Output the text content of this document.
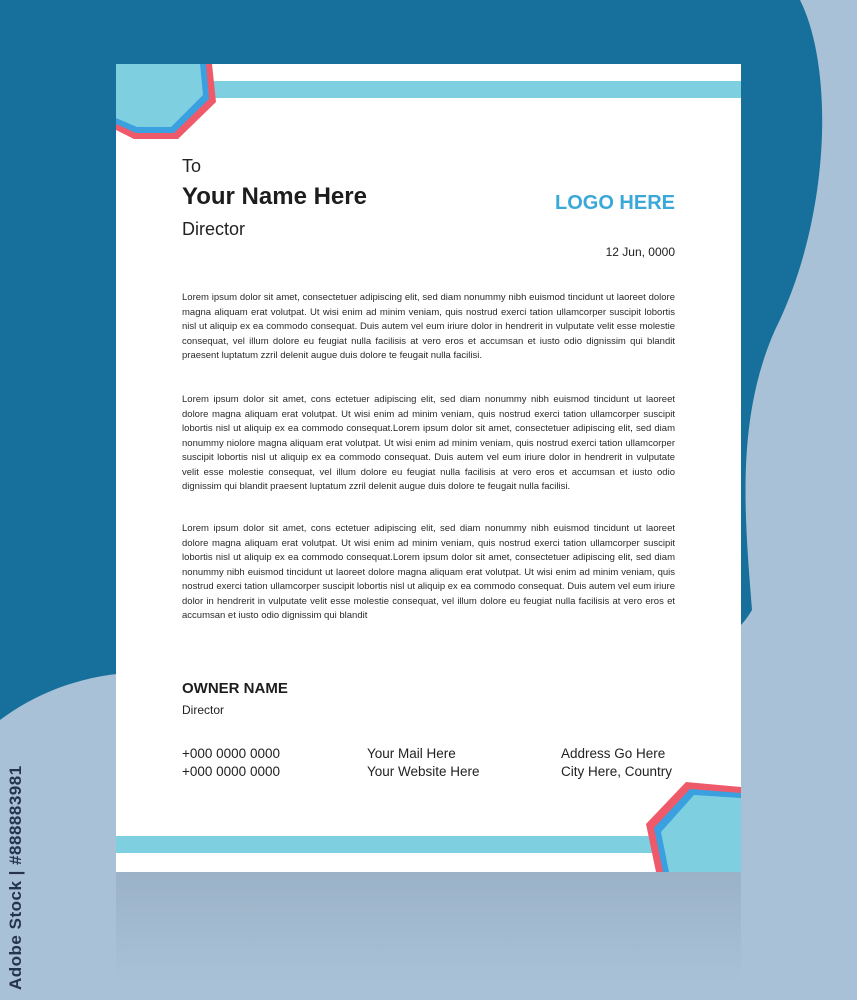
To
Your Name Here
Director
LOGO HERE
12 Jun, 0000

Lorem ipsum dolor sit amet, consectetuer adipiscing elit, sed diam nonummy nibh euismod tincidunt ut laoreet dolore magna aliquam erat volutpat. Ut wisi enim ad minim veniam, quis nostrud exerci tation ullamcorper suscipit lobortis nisl ut aliquip ex ea commodo consequat. Duis autem vel eum iriure dolor in hendrerit in vulputate velit esse molestie consequat, vel illum dolore eu feugiat nulla facilisis at vero eros et accumsan et iusto odio dignissim qui blandit praesent luptatum zzril delenit augue duis dolore te feugait nulla facilisi.

Lorem ipsum dolor sit amet, cons ectetuer adipiscing elit, sed diam nonummy nibh euismod tincidunt ut laoreet dolore magna aliquam erat volutpat. Ut wisi enim ad minim veniam, quis nostrud exerci tation ullamcorper suscipit lobortis nisl ut aliquip ex ea commodo consequat.Lorem ipsum dolor sit amet, consectetuer adipiscing elit, sed diam nonummy niolore magna aliquam erat volutpat. Ut wisi enim ad minim veniam, quis nostrud exerci tation ullamcorper suscipit lobortis nisl ut aliquip ex ea commodo consequat. Duis autem vel eum iriure dolor in hendrerit in vulputate velit esse molestie consequat, vel illum dolore eu feugiat nulla facilisis at vero eros et accumsan et iusto odio dignissim qui blandit praesent luptatum zzril delenit augue duis dolore te feugait nulla facilisi.

Lorem ipsum dolor sit amet, cons ectetuer adipiscing elit, sed diam nonummy nibh euismod tincidunt ut laoreet dolore magna aliquam erat volutpat. Ut wisi enim ad minim veniam, quis nostrud exerci tation ullamcorper suscipit lobortis nisl ut aliquip ex ea commodo consequat.Lorem ipsum dolor sit amet, consectetuer adipiscing elit, sed diam nonummy nibh euismod tincidunt ut laoreet dolore magna aliquam erat volutpat. Ut wisi enim ad minim veniam, quis nostrud exerci tation ullamcorper suscipit lobortis nisl ut aliquip ex ea commodo consequat. Duis autem vel eum iriure dolor in hendrerit in vulputate velit esse molestie consequat, vel illum dolore eu feugiat nulla facilisis at vero eros et accumsan et iusto odio dignissim qui blandit

OWNER NAME
Director
+000 0000 0000
+000 0000 0000
Your Mail Here
Your Website Here
Address Go Here
City Here, Country
Adobe Stock | #888883981
